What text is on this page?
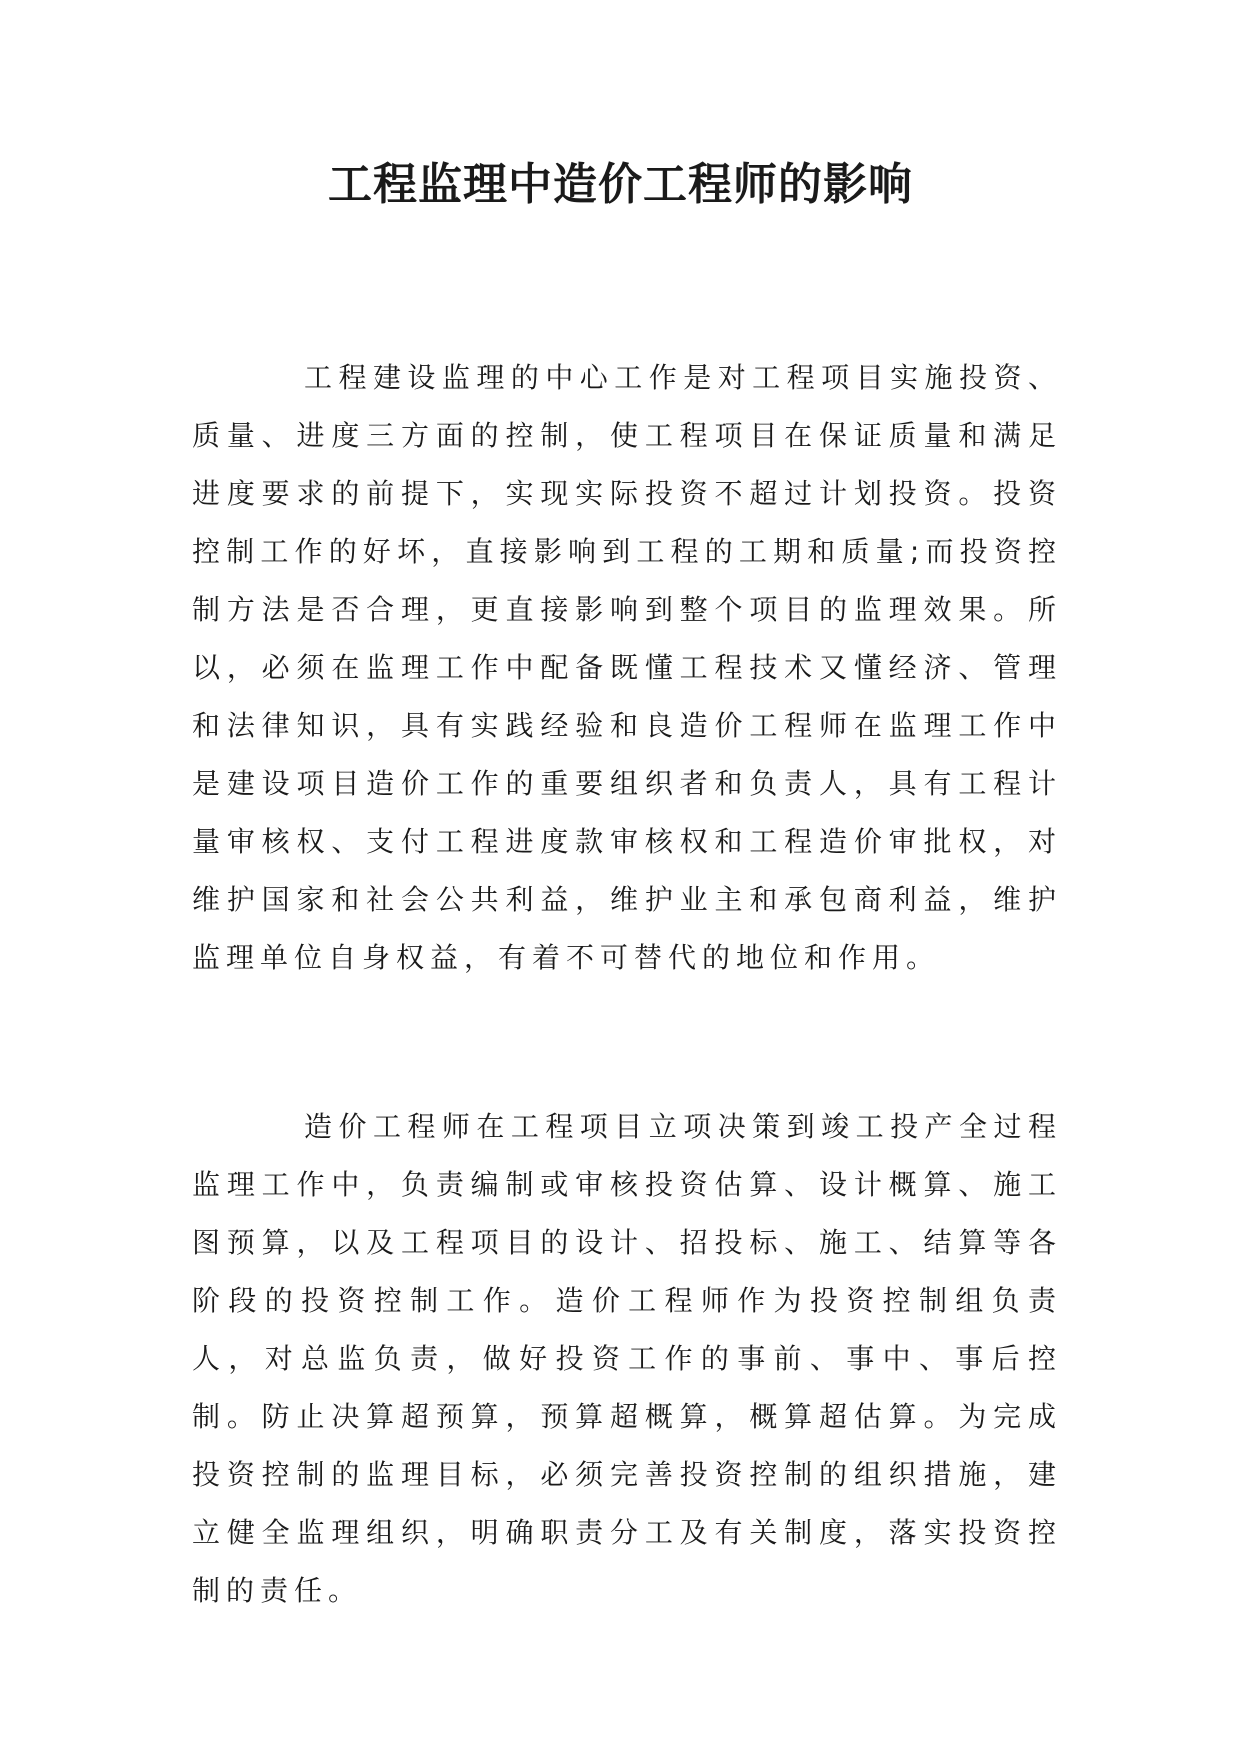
工程监理中造价工程师的影响

工程建设监理的中心工作是对工程项目实施投资、质量、进度三方面的控制，使工程项目在保证质量和满足进度要求的前提下，实现实际投资不超过计划投资。投资控制工作的好坏，直接影响到工程的工期和质量;而投资控制方法是否合理，更直接影响到整个项目的监理效果。所以，必须在监理工作中配备既懂工程技术又懂经济、管理和法律知识，具有实践经验和良造价工程师在监理工作中是建设项目造价工作的重要组织者和负责人，具有工程计量审核权、支付工程进度款审核权和工程造价审批权，对维护国家和社会公共利益，维护业主和承包商利益，维护监理单位自身权益，有着不可替代的地位和作用。

造价工程师在工程项目立项决策到竣工投产全过程监理工作中，负责编制或审核投资估算、设计概算、施工图预算，以及工程项目的设计、招投标、施工、结算等各阶段的投资控制工作。造价工程师作为投资控制组负责人，对总监负责，做好投资工作的事前、事中、事后控制。防止决算超预算，预算超概算，概算超估算。为完成投资控制的监理目标，必须完善投资控制的组织措施，建立健全监理组织，明确职责分工及有关制度，落实投资控制的责任。
